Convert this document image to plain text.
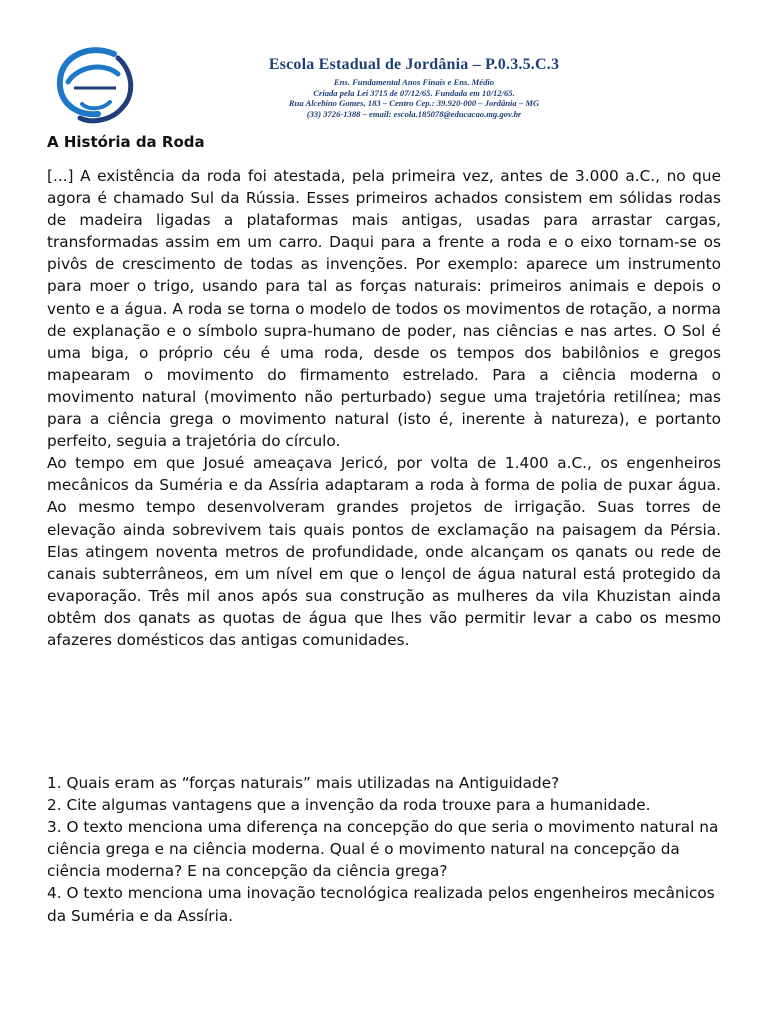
Escola Estadual de Jordânia – P.0.3.5.C.3
Ens. Fundamental Anos Finais e Ens. Médio
Criada pela Lei 3715 de 07/12/65. Fundada em 10/12/65.
Rua Alcebíno Gomes, 183 – Centro Cep.: 39.920-000 – Jordânia – MG
(33) 3726-1388 – email: escola.185078@educacao.mg.gov.br
A História da Roda

[...] A existência da roda foi atestada, pela primeira vez, antes de 3.000 a.C., no que agora é chamado Sul da Rússia. Esses primeiros achados consistem em sólidas rodas de madeira ligadas a plataformas mais antigas, usadas para arrastar cargas, transformadas assim em um carro. Daqui para a frente a roda e o eixo tornam-se os pivôs de crescimento de todas as invenções. Por exemplo: aparece um instrumento para moer o trigo, usando para tal as forças naturais: primeiros animais e depois o vento e a água. A roda se torna o modelo de todos os movimentos de rotação, a norma de explanação e o símbolo supra-humano de poder, nas ciências e nas artes. O Sol é uma biga, o próprio céu é uma roda, desde os tempos dos babilônios e gregos mapearam o movimento do firmamento estrelado. Para a ciência moderna o movimento natural (movimento não perturbado) segue uma trajetória retilínea; mas para a ciência grega o movimento natural (isto é, inerente à natureza), e portanto perfeito, seguia a trajetória do círculo.

Ao tempo em que Josué ameaçava Jericó, por volta de 1.400 a.C., os engenheiros mecânicos da Suméria e da Assíria adaptaram a roda à forma de polia de puxar água. Ao mesmo tempo desenvolveram grandes projetos de irrigação. Suas torres de elevação ainda sobrevivem tais quais pontos de exclamação na paisagem da Pérsia. Elas atingem noventa metros de profundidade, onde alcançam os qanats ou rede de canais subterrâneos, em um nível em que o lençol de água natural está protegido da evaporação. Três mil anos após sua construção as mulheres da vila Khuzistan ainda obtêm dos qanats as quotas de água que lhes vão permitir levar a cabo os mesmo afazeres domésticos das antigas comunidades.

1. Quais eram as “forças naturais” mais utilizadas na Antiguidade?
2. Cite algumas vantagens que a invenção da roda trouxe para a humanidade.
3. O texto menciona uma diferença na concepção do que seria o movimento natural na ciência grega e na ciência moderna. Qual é o movimento natural na concepção da ciência moderna? E na concepção da ciência grega?
4. O texto menciona uma inovação tecnológica realizada pelos engenheiros mecânicos da Suméria e da Assíria.
